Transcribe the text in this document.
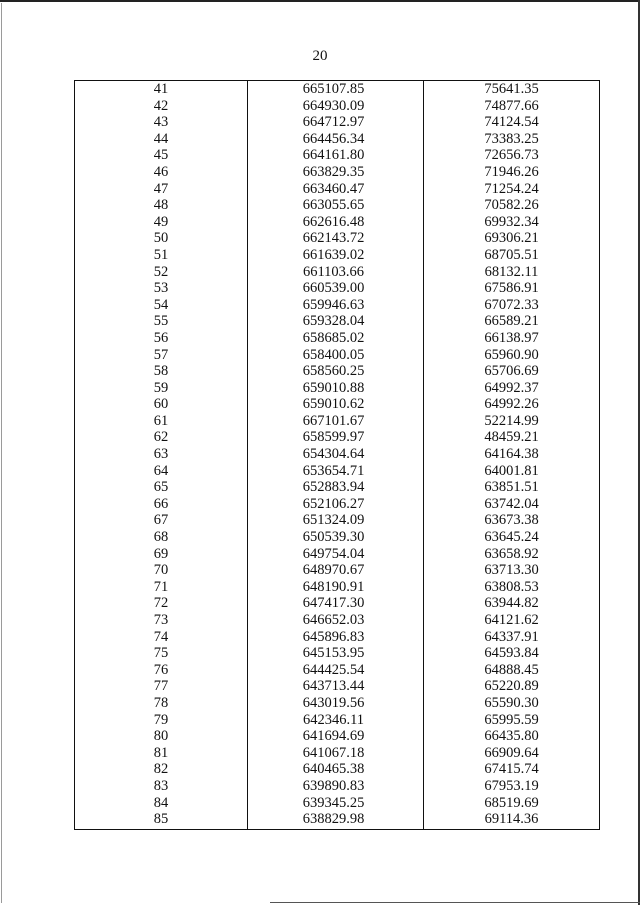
20
41
42
43
44
45
46
47
48
49
50
51
52
53
54
55
56
57
58
59
60
61
62
63
64
65
66
67
68
69
70
71
72
73
74
75
76
77
78
79
80
81
82
83
84
85
665107.85
664930.09
664712.97
664456.34
664161.80
663829.35
663460.47
663055.65
662616.48
662143.72
661639.02
661103.66
660539.00
659946.63
659328.04
658685.02
658400.05
658560.25
659010.88
659010.62
667101.67
658599.97
654304.64
653654.71
652883.94
652106.27
651324.09
650539.30
649754.04
648970.67
648190.91
647417.30
646652.03
645896.83
645153.95
644425.54
643713.44
643019.56
642346.11
641694.69
641067.18
640465.38
639890.83
639345.25
638829.98
75641.35
74877.66
74124.54
73383.25
72656.73
71946.26
71254.24
70582.26
69932.34
69306.21
68705.51
68132.11
67586.91
67072.33
66589.21
66138.97
65960.90
65706.69
64992.37
64992.26
52214.99
48459.21
64164.38
64001.81
63851.51
63742.04
63673.38
63645.24
63658.92
63713.30
63808.53
63944.82
64121.62
64337.91
64593.84
64888.45
65220.89
65590.30
65995.59
66435.80
66909.64
67415.74
67953.19
68519.69
69114.36
